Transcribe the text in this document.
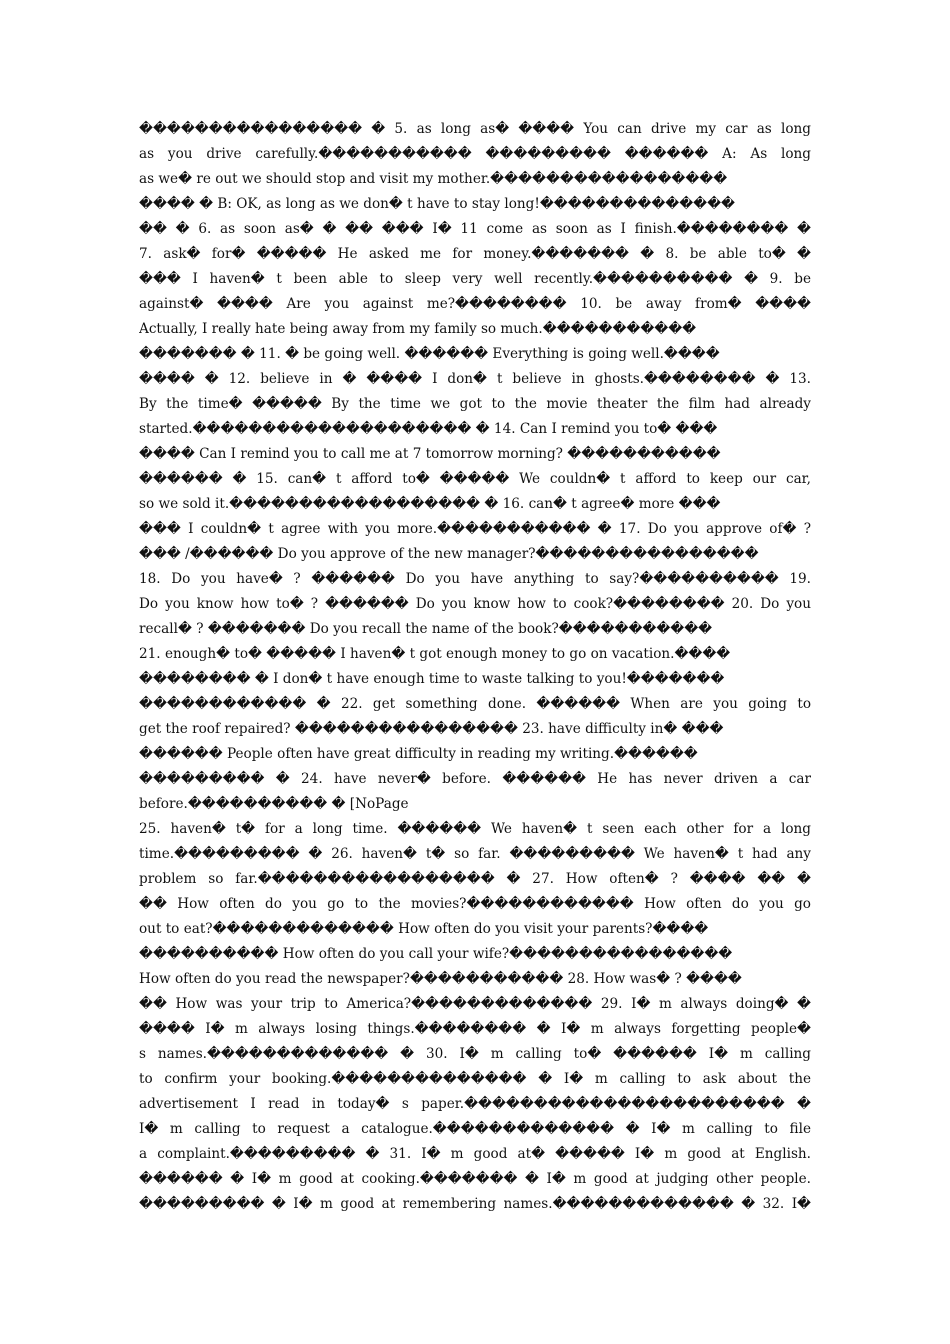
���������������� � 5. as long as� ���� You can drive my car as long
as you drive carefully.����������� ��������� ������ A: As long
as we� re out we should stop and visit my mother.�����������������
���� � B: OK, as long as we don� t have to stay long!��������������
�� � 6. as soon as� � �� ��� I� 11 come as soon as I finish.�������� �
7. ask� for� ����� He asked me for money.������� � 8. be able to� �
��� I haven� t been able to sleep very well recently.���������� � 9. be
against� ���� Are you against me?�������� 10. be away from� ����
Actually, I really hate being away from my family so much.�����������
������� � 11. � be going well. ������ Everything is going well.����
���� � 12. believe in � ���� I don� t believe in ghosts.�������� � 13.
By the time� ����� By the time we got to the movie theater the film had already
started.�������������������� � 14. Can I remind you to� ���
���� Can I remind you to call me at 7 tomorrow morning? �����������
������ � 15. can� t afford to� ����� We couldn� t afford to keep our car,
so we sold it.������������������ � 16. can� t agree� more ���
��� I couldn� t agree with you more.����������� � 17. Do you approve of� ?
��� /������ Do you approve of the new manager?����������������
18. Do you have� ? ������ Do you have anything to say?���������� 19.
Do you know how to� ? ������ Do you know how to cook?�������� 20. Do you
recall� ? ������� Do you recall the name of the book?�����������
21. enough� to� ����� I haven� t got enough money to go on vacation.����
�������� � I don� t have enough time to waste talking to you!�������
������������ � 22. get something done. ������ When are you going to
get the roof repaired? ���������������� 23. have difficulty in� ���
������ People often have great difficulty in reading my writing.������
��������� � 24. have never� before. ������ He has never driven a car
before.���������� � [NoPage
25. haven� t� for a long time. ������ We haven� t seen each other for a long
time.��������� � 26. haven� t� so far. ��������� We haven� t had any
problem so far.����������������� � 27. How often� ? ���� �� �
�� How often do you go to the movies?������������ How often do you go
out to eat?������������� How often do you visit your parents?����
���������� How often do you call your wife?����������������
How often do you read the newspaper?����������� 28. How was� ? ����
�� How was your trip to America?������������� 29. I� m always doing� �
���� I� m always losing things.�������� � I� m always forgetting people�
s names.������������� � 30. I� m calling to� ������ I� m calling
to confirm your booking.�������������� � I� m calling to ask about the
advertisement I read in today� s paper.����������������������� �
I� m calling to request a catalogue.������������� � I� m calling to file
a complaint.��������� � 31. I� m good at� ����� I� m good at English.
������ � I� m good at cooking.������� � I� m good at judging other people.
��������� � I� m good at remembering names.������������� � 32. I�
